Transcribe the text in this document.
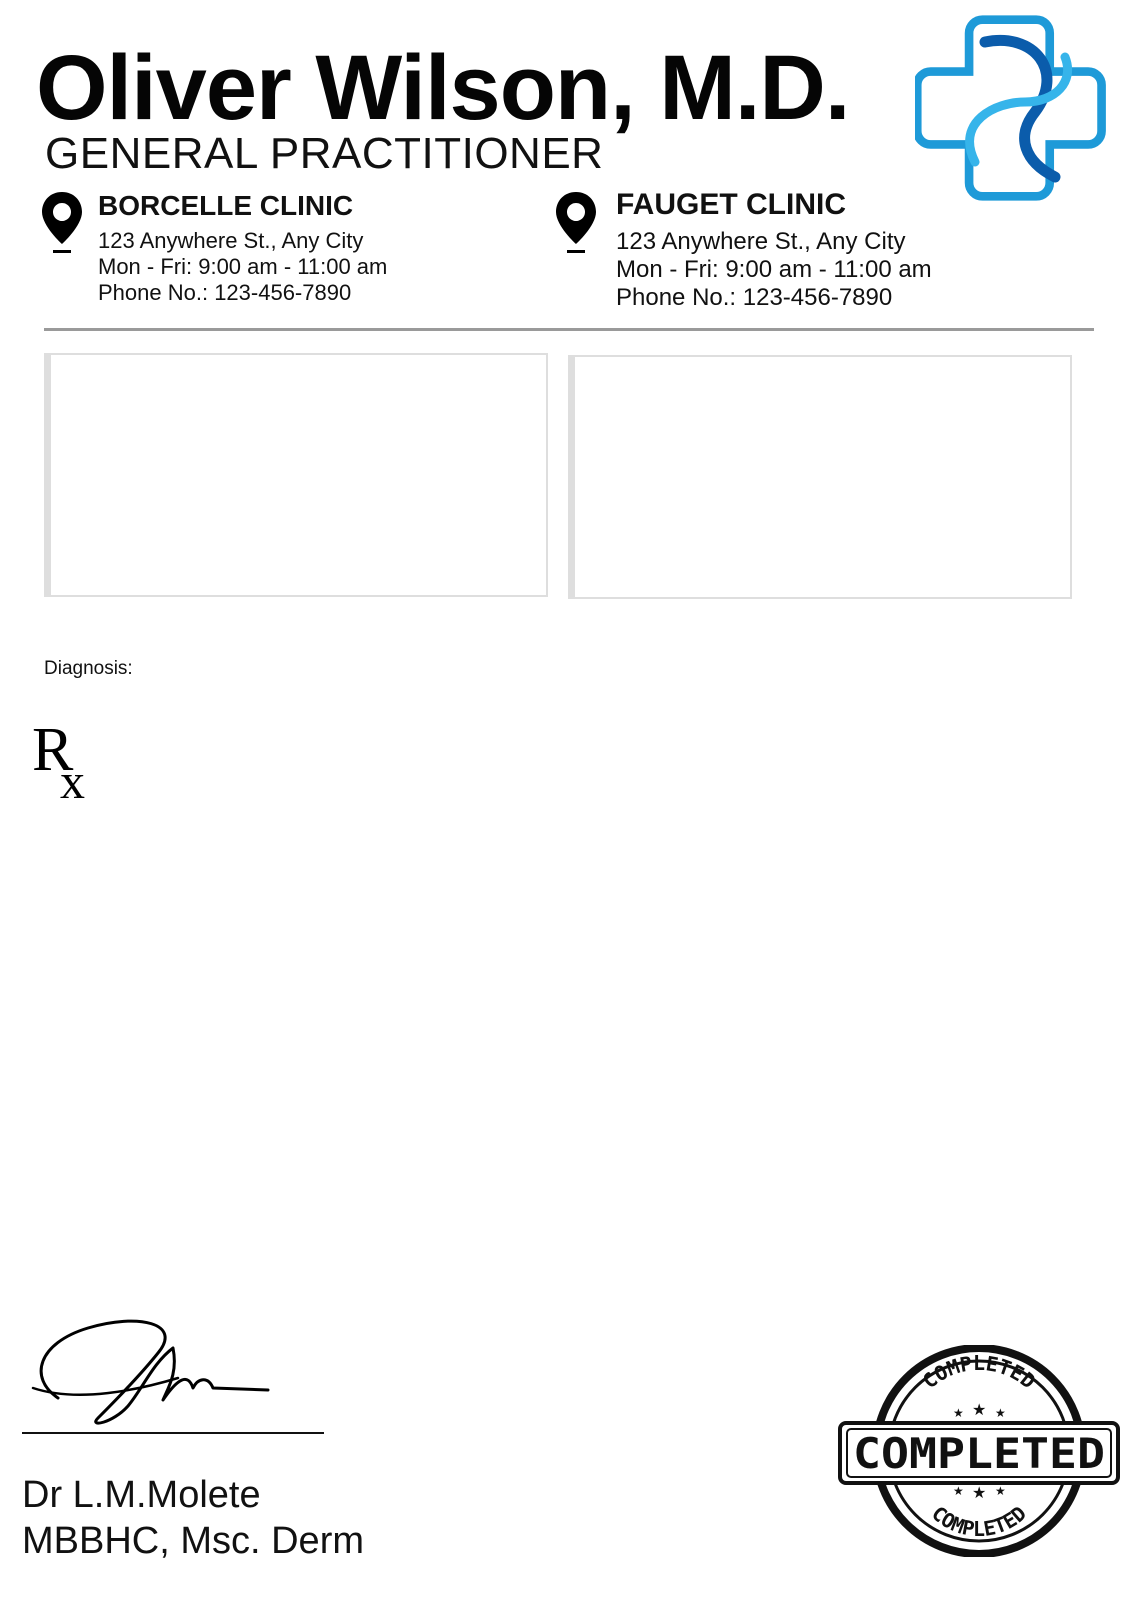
Oliver Wilson, M.D.
GENERAL PRACTITIONER
BORCELLE CLINIC
123 Anywhere St., Any City
Mon - Fri: 9:00 am - 11:00 am
Phone No.: 123-456-7890
FAUGET CLINIC
123 Anywhere St., Any City
Mon - Fri: 9:00 am - 11:00 am
Phone No.: 123-456-7890
Diagnosis:
R
x
Dr L.M.Molete
MBBHC, Msc. Derm
COMPLETED
COMPLETED
★ ★ ★
★ ★ ★
COMPLETED
